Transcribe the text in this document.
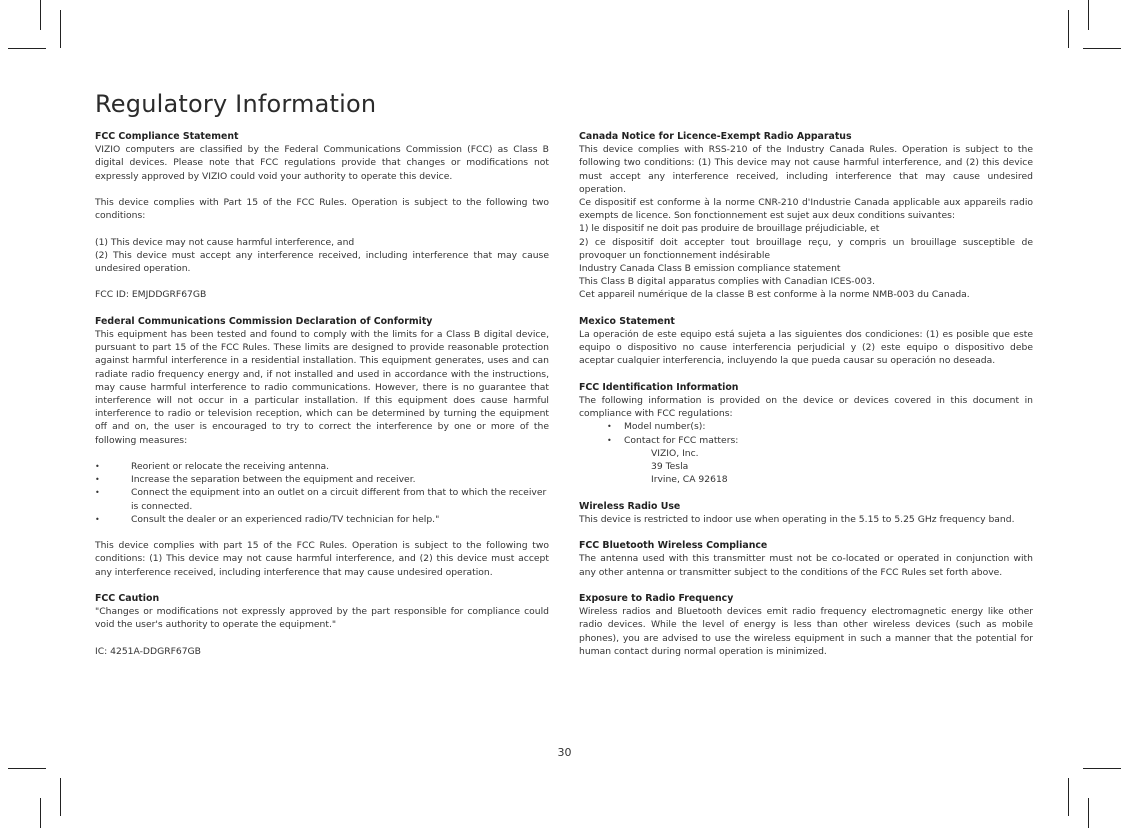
Regulatory Information
FCC Compliance Statement

VIZIO computers are classified by the Federal Communications Commission (FCC) as Class B digital devices. Please note that FCC regulations provide that changes or modifications not expressly approved by VIZIO could void your authority to operate this device.

This device complies with Part 15 of the FCC Rules. Operation is subject to the following two conditions:

(1) This device may not cause harmful interference, and

(2) This device must accept any interference received, including interference that may cause undesired operation.

FCC ID: EMJDDGRF67GB

Federal Communications Commission Declaration of Conformity

This equipment has been tested and found to comply with the limits for a Class B digital device, pursuant to part 15 of the FCC Rules. These limits are designed to provide reasonable protection against harmful interference in a residential installation. This equipment generates, uses and can radiate radio frequency energy and, if not installed and used in accordance with the instructions, may cause harmful interference to radio communications. However, there is no guarantee that interference will not occur in a particular installation. If this equipment does cause harmful interference to radio or television reception, which can be determined by turning the equipment off and on, the user is encouraged to try to correct the interference by one or more of the following measures:

• Reorient or relocate the receiving antenna.
• Increase the separation between the equipment and receiver.
• Connect the equipment into an outlet on a circuit different from that to which the receiver is connected.
• Consult the dealer or an experienced radio/TV technician for help."

This device complies with part 15 of the FCC Rules. Operation is subject to the following two conditions: (1) This device may not cause harmful interference, and (2) this device must accept any interference received, including interference that may cause undesired operation.

FCC Caution

"Changes or modifications not expressly approved by the part responsible for compliance could void the user's authority to operate the equipment."

IC: 4251A-DDGRF67GB

Canada Notice for Licence-Exempt Radio Apparatus

This device complies with RSS-210 of the Industry Canada Rules. Operation is subject to the following two conditions: (1) This device may not cause harmful interference, and (2) this device must accept any interference received, including interference that may cause undesired operation.

Ce dispositif est conforme à la norme CNR-210 d'Industrie Canada applicable aux appareils radio exempts de licence. Son fonctionnement est sujet aux deux conditions suivantes:

1) le dispositif ne doit pas produire de brouillage préjudiciable, et

2) ce dispositif doit accepter tout brouillage reçu, y compris un brouillage susceptible de provoquer un fonctionnement indésirable

Industry Canada Class B emission compliance statement

This Class B digital apparatus complies with Canadian ICES-003.

Cet appareil numérique de la classe B est conforme à la norme NMB-003 du Canada.

Mexico Statement

La operación de este equipo está sujeta a las siguientes dos condiciones: (1) es posible que este equipo o dispositivo no cause interferencia perjudicial y (2) este equipo o dispositivo debe aceptar cualquier interferencia, incluyendo la que pueda causar su operación no deseada.

FCC Identification Information

The following information is provided on the device or devices covered in this document in compliance with FCC regulations:

• Model number(s):
• Contact for FCC matters:
VIZIO, Inc.
39 Tesla
Irvine, CA 92618
Wireless Radio Use

This device is restricted to indoor use when operating in the 5.15 to 5.25 GHz frequency band.

FCC Bluetooth Wireless Compliance

The antenna used with this transmitter must not be co-located or operated in conjunction with any other antenna or transmitter subject to the conditions of the FCC Rules set forth above.

Exposure to Radio Frequency

Wireless radios and Bluetooth devices emit radio frequency electromagnetic energy like other radio devices. While the level of energy is less than other wireless devices (such as mobile phones), you are advised to use the wireless equipment in such a manner that the potential for human contact during normal operation is minimized.

30
